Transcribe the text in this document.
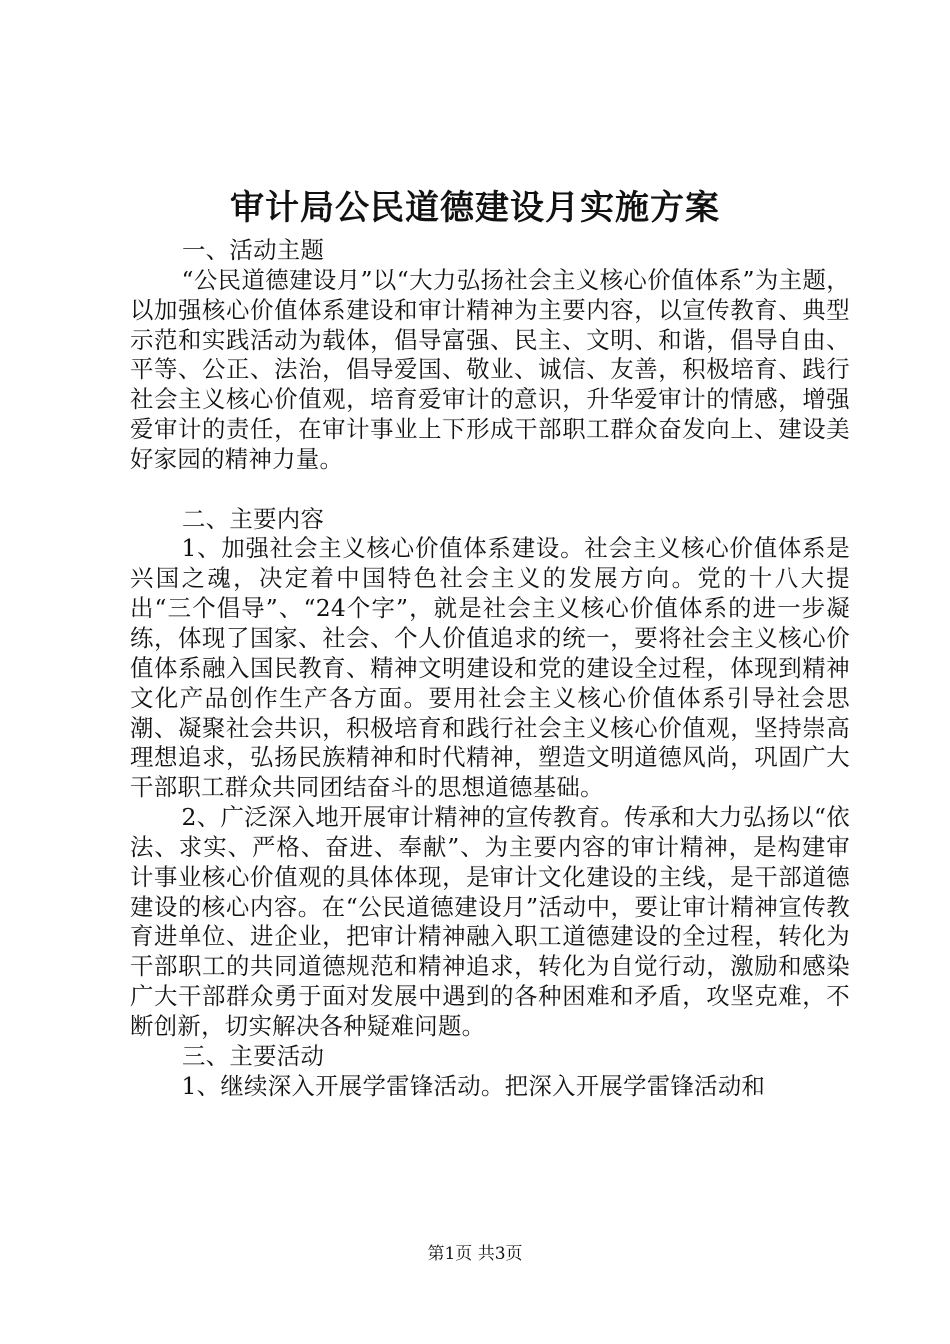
审计局公民道德建设月实施方案

一、活动主题

“公民道德建设月”以“大力弘扬社会主义核心价值体系”为主题，以加强核心价值体系建设和审计精神为主要内容，以宣传教育、典型示范和实践活动为载体，倡导富强、民主、文明、和谐，倡导自由、平等、公正、法治，倡导爱国、敬业、诚信、友善，积极培育、践行社会主义核心价值观，培育爱审计的意识，升华爱审计的情感，增强爱审计的责任，在审计事业上下形成干部职工群众奋发向上、建设美好家园的精神力量。

二、主要内容

1、加强社会主义核心价值体系建设。社会主义核心价值体系是兴国之魂，决定着中国特色社会主义的发展方向。党的十八大提出“三个倡导”、“24个字”，就是社会主义核心价值体系的进一步凝练，体现了国家、社会、个人价值追求的统一，要将社会主义核心价值体系融入国民教育、精神文明建设和党的建设全过程，体现到精神文化产品创作生产各方面。要用社会主义核心价值体系引导社会思潮、凝聚社会共识，积极培育和践行社会主义核心价值观，坚持崇高理想追求，弘扬民族精神和时代精神，塑造文明道德风尚，巩固广大干部职工群众共同团结奋斗的思想道德基础。

2、广泛深入地开展审计精神的宣传教育。传承和大力弘扬以“依法、求实、严格、奋进、奉献”、为主要内容的审计精神，是构建审计事业核心价值观的具体体现，是审计文化建设的主线，是干部道德建设的核心内容。在“公民道德建设月”活动中，要让审计精神宣传教育进单位、进企业，把审计精神融入职工道德建设的全过程，转化为干部职工的共同道德规范和精神追求，转化为自觉行动，激励和感染广大干部群众勇于面对发展中遇到的各种困难和矛盾，攻坚克难，不断创新，切实解决各种疑难问题。

三、主要活动

1、继续深入开展学雷锋活动。把深入开展学雷锋活动和

第1页 共3页
